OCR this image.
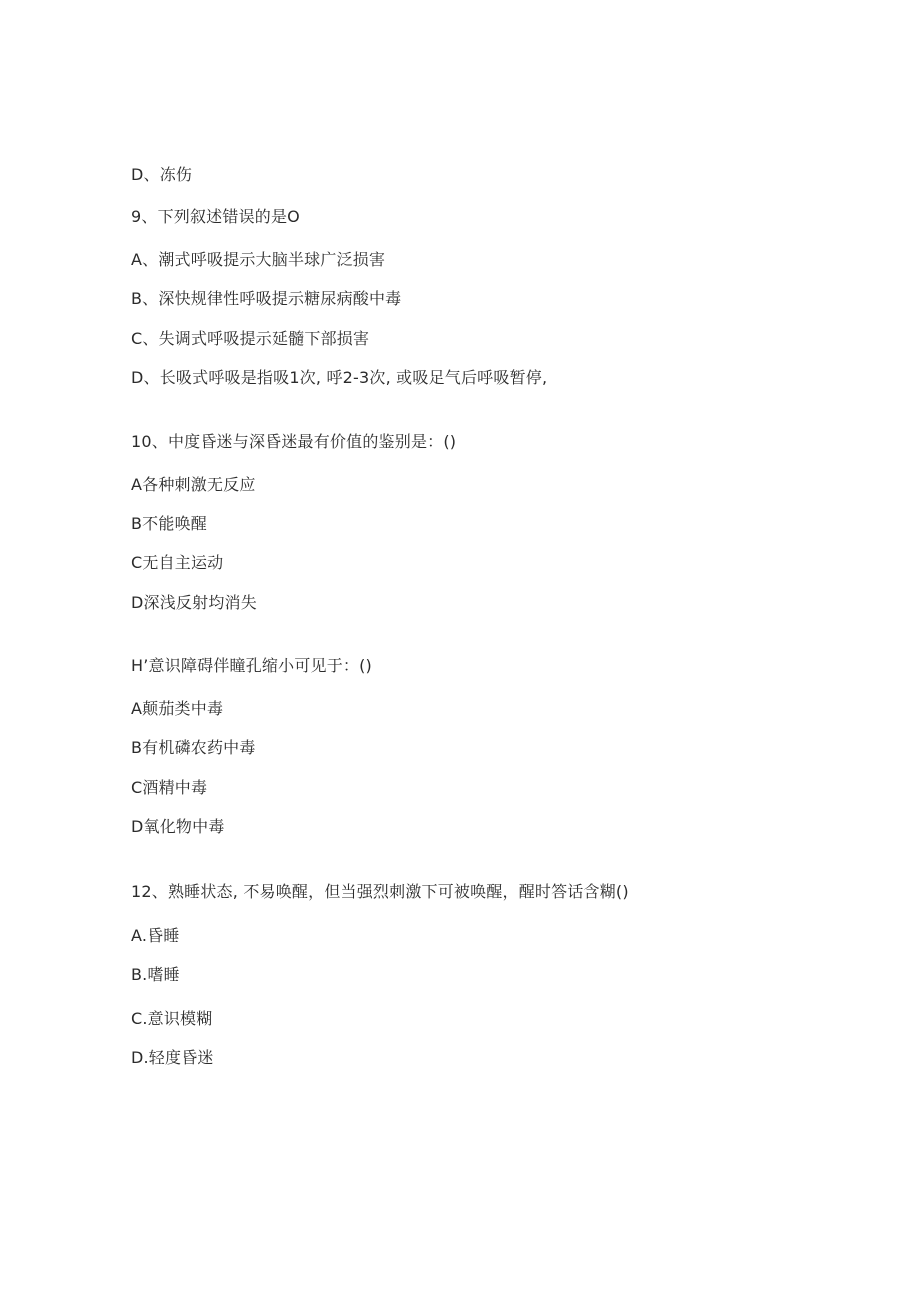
D、冻伤
9、下列叙述错误的是O
A、潮式呼吸提示大脑半球广泛损害
B、深快规律性呼吸提示糖尿病酸中毒
C、失调式呼吸提示延髓下部损害
D、长吸式呼吸是指吸1次, 呼2-3次, 或吸足气后呼吸暂停,
10、中度昏迷与深昏迷最有价值的鉴别是：()
A各种刺激无反应
B不能唤醒
C无自主运动
D深浅反射均消失
H’意识障碍伴瞳孔缩小可见于：()
A颠茄类中毒
B有机磷农药中毒
C酒精中毒
D氧化物中毒
12、熟睡状态, 不易唤醒，但当强烈刺激下可被唤醒，醒时答话含糊()
A.昏睡
B.嗜睡
C.意识模糊
D.轻度昏迷
